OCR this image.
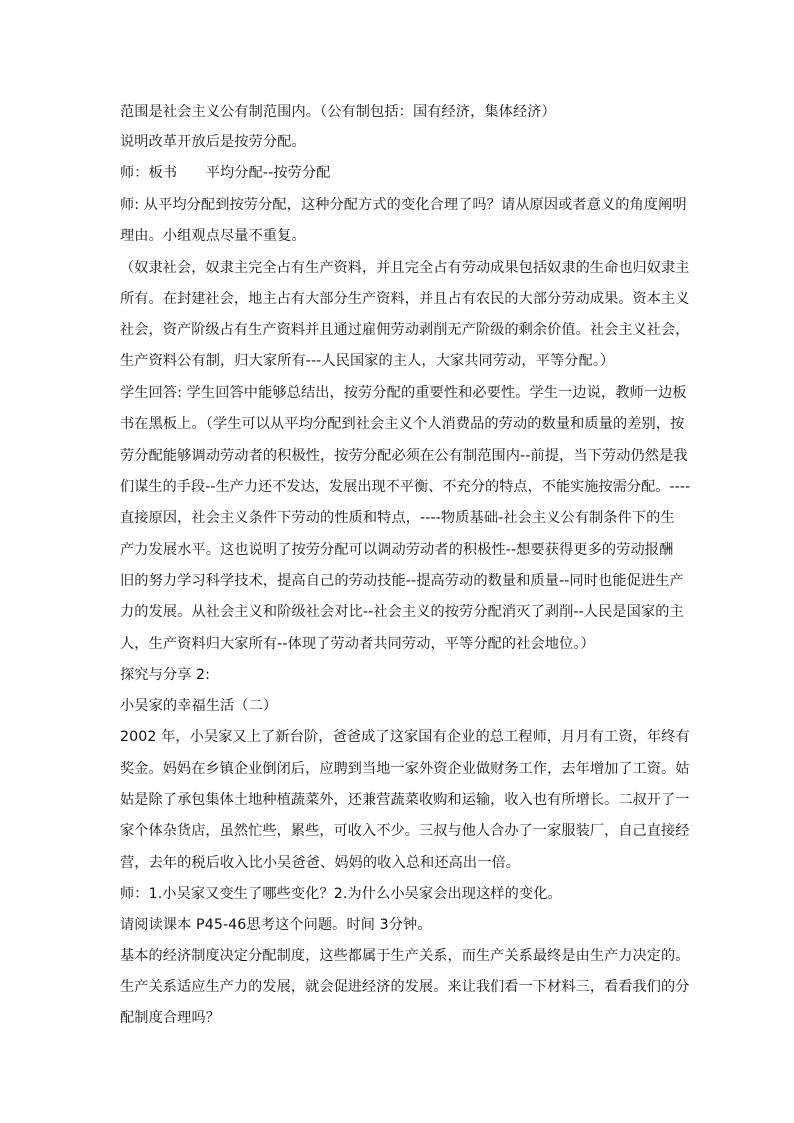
范围是社会主义公有制范围内。（公有制包括：国有经济，集体经济）
说明改革开放后是按劳分配。
师：板书　　平均分配--按劳分配
师: 从平均分配到按劳分配，这种分配方式的变化合理了吗？请从原因或者意义的角度阐明
理由。小组观点尽量不重复。
（奴隶社会，奴隶主完全占有生产资料，并且完全占有劳动成果包括奴隶的生命也归奴隶主
所有。在封建社会，地主占有大部分生产资料，并且占有农民的大部分劳动成果。资本主义
社会，资产阶级占有生产资料并且通过雇佣劳动剥削无产阶级的剩余价值。社会主义社会，
生产资料公有制，归大家所有---人民国家的主人，大家共同劳动，平等分配。）
学生回答: 学生回答中能够总结出，按劳分配的重要性和必要性。学生一边说，教师一边板
书在黑板上。（学生可以从平均分配到社会主义个人消费品的劳动的数量和质量的差别，按
劳分配能够调动劳动者的积极性，按劳分配必须在公有制范围内--前提，当下劳动仍然是我
们谋生的手段--生产力还不发达，发展出现不平衡、不充分的特点，不能实施按需分配。----
直接原因，社会主义条件下劳动的性质和特点，----物质基础-社会主义公有制条件下的生
产力发展水平。这也说明了按劳分配可以调动劳动者的积极性--想要获得更多的劳动报酬
旧的努力学习科学技术，提高自己的劳动技能--提高劳动的数量和质量--同时也能促进生产
力的发展。从社会主义和阶级社会对比--社会主义的按劳分配消灭了剥削--人民是国家的主
人，生产资料归大家所有--体现了劳动者共同劳动，平等分配的社会地位。）
探究与分享 2:
小吴家的幸福生活（二）
2002 年，小吴家又上了新台阶，爸爸成了这家国有企业的总工程师，月月有工资，年终有
奖金。妈妈在乡镇企业倒闭后，应聘到当地一家外资企业做财务工作，去年增加了工资。姑
姑是除了承包集体土地种植蔬菜外，还兼营蔬菜收购和运输，收入也有所增长。二叔开了一
家个体杂货店，虽然忙些，累些，可收入不少。三叔与他人合办了一家服装厂，自己直接经
营，去年的税后收入比小吴爸爸、妈妈的收入总和还高出一倍。
师：1.小吴家又变生了哪些变化？2.为什么小吴家会出现这样的变化。
请阅读课本 P45-46思考这个问题。时间 3分钟。
基本的经济制度决定分配制度，这些都属于生产关系，而生产关系最终是由生产力决定的。
生产关系适应生产力的发展，就会促进经济的发展。来让我们看一下材料三，看看我们的分
配制度合理吗？
